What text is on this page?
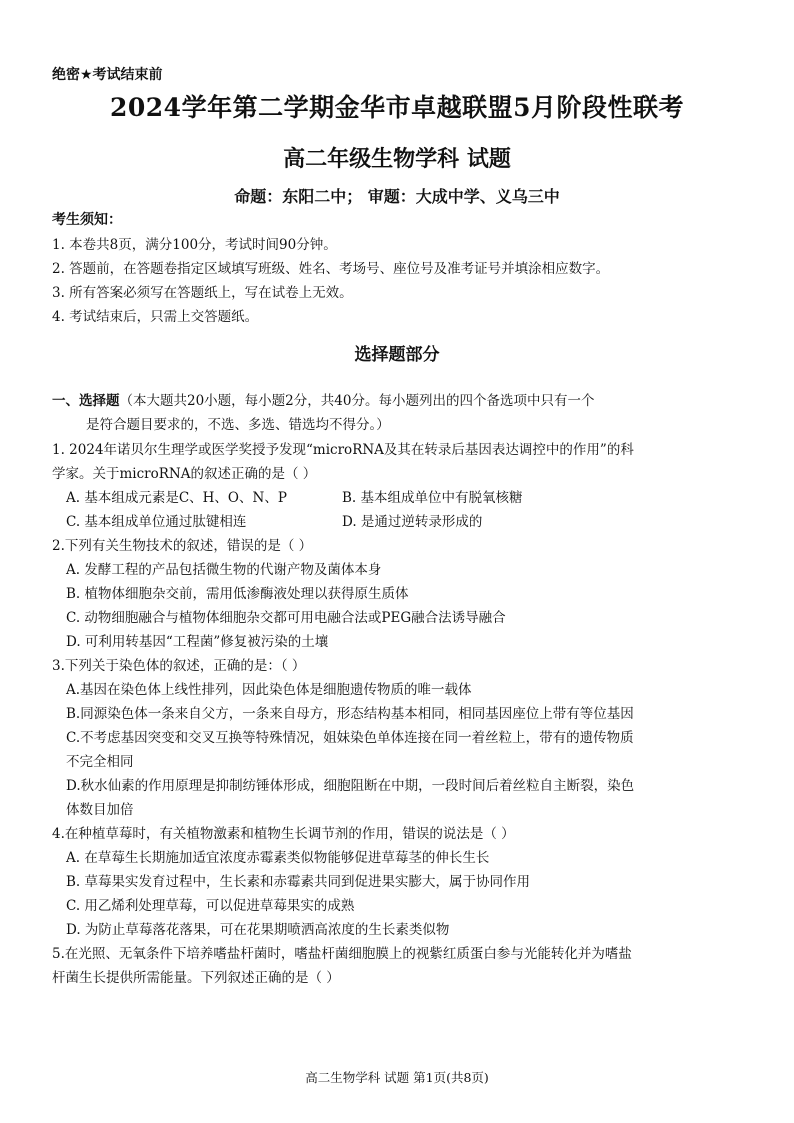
绝密★考试结束前
2024学年第二学期金华市卓越联盟5月阶段性联考
高二年级生物学科 试题
命题：东阳二中； 审题：大成中学、义乌三中
考生须知：
1. 本卷共8页，满分100分，考试时间90分钟。
2. 答题前，在答题卷指定区域填写班级、姓名、考场号、座位号及准考证号并填涂相应数字。
3. 所有答案必须写在答题纸上，写在试卷上无效。
4. 考试结束后，只需上交答题纸。
选择题部分
一、选择题（本大题共20小题，每小题2分，共40分。每小题列出的四个备选项中只有一个
是符合题目要求的，不选、多选、错选均不得分。）
1. 2024年诺贝尔生理学或医学奖授予发现“microRNA及其在转录后基因表达调控中的作用”的科
学家。关于microRNA的叙述正确的是（ ）
A. 基本组成元素是C、H、O、N、P	B. 基本组成单位中有脱氧核糖
C. 基本组成单位通过肽键相连	D. 是通过逆转录形成的
2.下列有关生物技术的叙述，错误的是（ ）
A. 发酵工程的产品包括微生物的代谢产物及菌体本身
B. 植物体细胞杂交前，需用低渗酶液处理以获得原生质体
C. 动物细胞融合与植物体细胞杂交都可用电融合法或PEG融合法诱导融合
D. 可利用转基因“工程菌”修复被污染的土壤
3.下列关于染色体的叙述，正确的是：（ ）
A.基因在染色体上线性排列，因此染色体是细胞遗传物质的唯一载体
B.同源染色体一条来自父方，一条来自母方，形态结构基本相同，相同基因座位上带有等位基因
C.不考虑基因突变和交叉互换等特殊情况，姐妹染色单体连接在同一着丝粒上，带有的遗传物质
不完全相同
D.秋水仙素的作用原理是抑制纺锤体形成，细胞阻断在中期，一段时间后着丝粒自主断裂，染色
体数目加倍
4.在种植草莓时，有关植物激素和植物生长调节剂的作用，错误的说法是（ ）
A. 在草莓生长期施加适宜浓度赤霉素类似物能够促进草莓茎的伸长生长
B. 草莓果实发育过程中，生长素和赤霉素共同到促进果实膨大，属于协同作用
C. 用乙烯利处理草莓，可以促进草莓果实的成熟
D. 为防止草莓落花落果，可在花果期喷洒高浓度的生长素类似物
5.在光照、无氧条件下培养嗜盐杆菌时，嗜盐杆菌细胞膜上的视紫红质蛋白参与光能转化并为嗜盐
杆菌生长提供所需能量。下列叙述正确的是（ ）
高二生物学科 试题 第1页(共8页)
